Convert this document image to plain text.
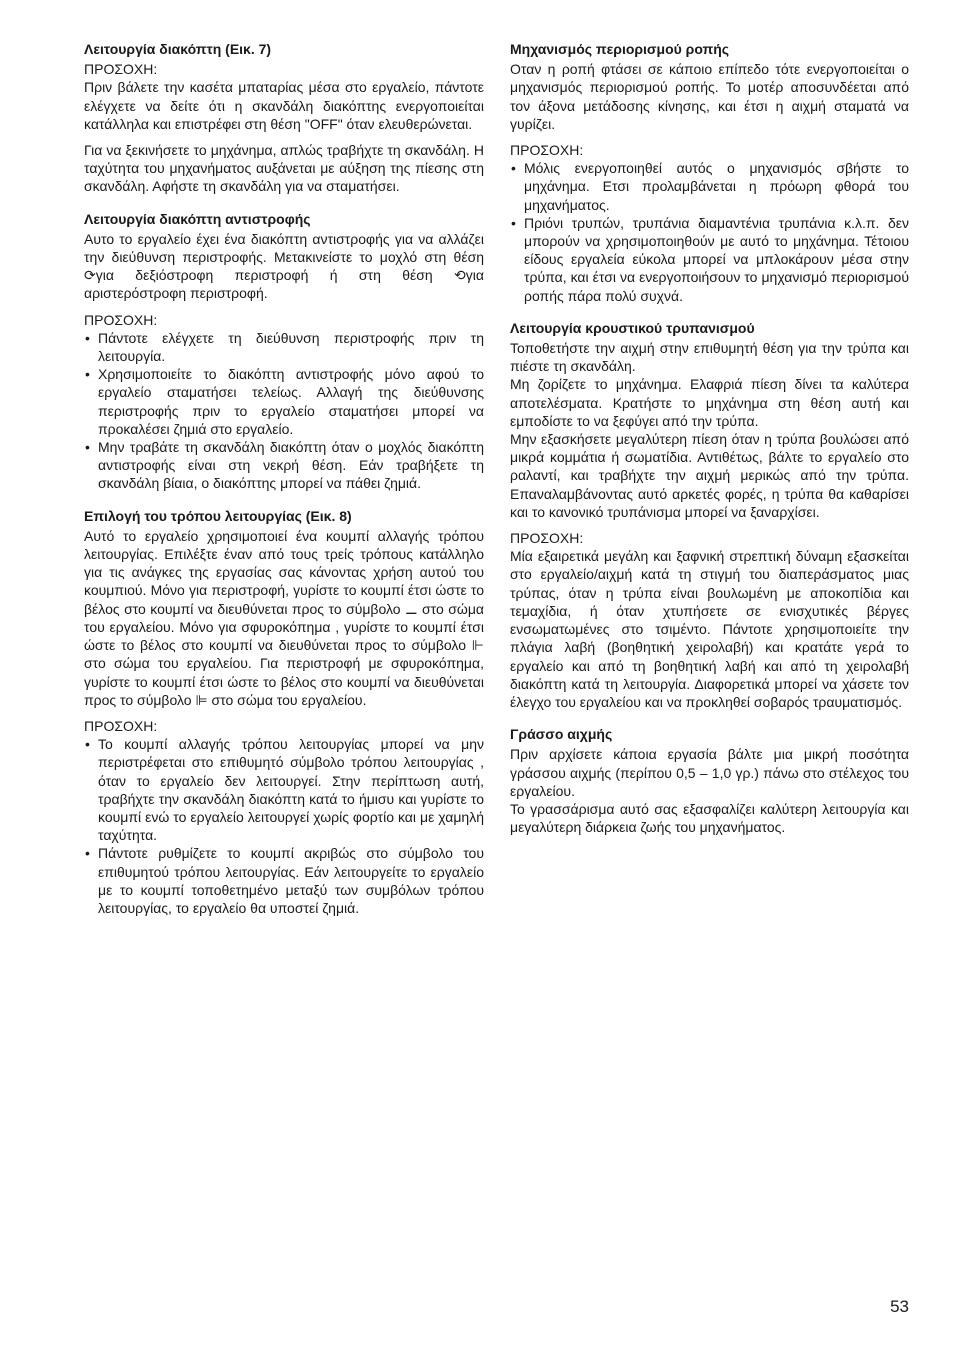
Λειτουργία διακόπτη (Εικ. 7)

ΠΡΟΣΟΧΗ:

Πριν βάλετε την κασέτα μπαταρίας μέσα στο εργαλείο, πάντοτε ελέγχετε να δείτε ότι η σκανδάλη διακόπτης ενεργοποιείται κατάλληλα και επιστρέφει στη θέση "OFF" όταν ελευθερώνεται.

Για να ξεκινήσετε το μηχάνημα, απλώς τραβήχτε τη σκανδάλη. Η ταχύτητα του μηχανήματος αυξάνεται με αύξηση της πίεσης στη σκανδάλη. Αφήστε τη σκανδάλη για να σταματήσει.

Λειτουργία διακόπτη αντιστροφής

Αυτο το εργαλείο έχει ένα διακόπτη αντιστροφής για να αλλάζει την διεύθυνση περιστροφής. Μετακινείστε το μοχλό στη θέση ⟳για δεξιόστροφη περιστροφή ή στη θέση ⟲για αριστερόστροφη περιστροφή.

ΠΡΟΣΟΧΗ:

• Πάντοτε ελέγχετε τη διεύθυνση περιστροφής πριν τη λειτουργία.
• Χρησιμοποιείτε το διακόπτη αντιστροφής μόνο αφού το εργαλείο σταματήσει τελείως. Αλλαγή της διεύθυνσης περιστροφής πριν το εργαλείο σταματήσει μπορεί να προκαλέσει ζημιά στο εργαλείο.
• Μην τραβάτε τη σκανδάλη διακόπτη όταν ο μοχλός διακόπτη αντιστροφής είναι στη νεκρή θέση. Εάν τραβήξετε τη σκανδάλη βίαια, ο διακόπτης μπορεί να πάθει ζημιά.

Επιλογή του τρόπου λειτουργίας (Εικ. 8)

Αυτό το εργαλείο χρησιμοποιεί ένα κουμπί αλλαγής τρόπου λειτουργίας. Επιλέξτε έναν από τους τρείς τρόπους κατάλληλο για τις ανάγκες της εργασίας σας κάνοντας χρήση αυτού του κουμπιού. Μόνο για περιστροφή, γυρίστε το κουμπί έτσι ώστε το βέλος στο κουμπί να διευθύνεται προς το σύμβολο ⚊ στο σώμα του εργαλείου. Μόνο για σφυροκόπημα , γυρίστε το κουμπί έτσι ώστε το βέλος στο κουμπί να διευθύνεται προς το σύμβολο ⊩ στο σώμα του εργαλείου. Για περιστροφή με σφυροκόπημα, γυρίστε το κουμπί έτσι ώστε το βέλος στο κουμπί να διευθύνεται προς το σύμβολο ⊫ στο σώμα του εργαλείου.

ΠΡΟΣΟΧΗ:

• Το κουμπί αλλαγής τρόπου λειτουργίας μπορεί να μην περιστρέφεται στο επιθυμητό σύμβολο τρόπου λειτουργίας , όταν το εργαλείο δεν λειτουργεί. Στην περίπτωση αυτή, τραβήχτε την σκανδάλη διακόπτη κατά το ήμισυ και γυρίστε το κουμπί ενώ το εργαλείο λειτουργεί χωρίς φορτίο και με χαμηλή ταχύτητα.
• Πάντοτε ρυθμίζετε το κουμπί ακριβώς στο σύμβολο του επιθυμητού τρόπου λειτουργίας. Εάν λειτουργείτε το εργαλείο με το κουμπί τοποθετημένο μεταξύ των συμβόλων τρόπου λειτουργίας, το εργαλείο θα υποστεί ζημιά.

Μηχανισμός περιορισμού ροπής

Οταν η ροπή φτάσει σε κάποιο επίπεδο τότε ενεργοποιείται ο μηχανισμός περιορισμού ροπής. Το μοτέρ αποσυνδέεται από τον άξονα μετάδοσης κίνησης, και έτσι η αιχμή σταματά να γυρίζει.

ΠΡΟΣΟΧΗ:

• Μόλις ενεργοποιηθεί αυτός ο μηχανισμός σβήστε το μηχάνημα. Ετσι προλαμβάνεται η πρόωρη φθορά του μηχανήματος.
• Πριόνι τρυπών, τρυπάνια διαμαντένια τρυπάνια κ.λ.π. δεν μπορούν να χρησιμοποιηθούν με αυτό το μηχάνημα. Τέτοιου είδους εργαλεία εύκολα μπορεί να μπλοκάρουν μέσα στην τρύπα, και έτσι να ενεργοποιήσουν το μηχανισμό περιορισμού ροπής πάρα πολύ συχνά.

Λειτουργία κρουστικού τρυπανισμού

Τοποθετήστε την αιχμή στην επιθυμητή θέση για την τρύπα και πιέστε τη σκανδάλη.
Μη ζορίζετε το μηχάνημα. Ελαφριά πίεση δίνει τα καλύτερα αποτελέσματα. Κρατήστε το μηχάνημα στη θέση αυτή και εμποδίστε το να ξεφύγει από την τρύπα.
Μην εξασκήσετε μεγαλύτερη πίεση όταν η τρύπα βουλώσει από μικρά κομμάτια ή σωματίδια. Αντιθέτως, βάλτε το εργαλείο στο ραλαντί, και τραβήχτε την αιχμή μερικώς από την τρύπα. Επαναλαμβάνοντας αυτό αρκετές φορές, η τρύπα θα καθαρίσει και το κανονικό τρυπάνισμα μπορεί να ξαναρχίσει.

ΠΡΟΣΟΧΗ:

Μία εξαιρετικά μεγάλη και ξαφνική στρεπτική δύναμη εξασκείται στο εργαλείο/αιχμή κατά τη στιγμή του διαπεράσματος μιας τρύπας, όταν η τρύπα είναι βουλωμένη με αποκοπίδια και τεμαχίδια, ή όταν χτυπήσετε σε ενισχυτικές βέργες ενσωματωμένες στο τσιμέντο. Πάντοτε χρησιμοποιείτε την πλάγια λαβή (βοηθητική χειρολαβή) και κρατάτε γερά το εργαλείο και από τη βοηθητική λαβή και από τη χειρολαβή διακόπτη κατά τη λειτουργία. Διαφορετικά μπορεί να χάσετε τον έλεγχο του εργαλείου και να προκληθεί σοβαρός τραυματισμός.

Γράσσο αιχμής

Πριν αρχίσετε κάποια εργασία βάλτε μια μικρή ποσότητα γράσσου αιχμής (περίπου 0,5 – 1,0 γρ.) πάνω στο στέλεχος του εργαλείου.
Το γρασσάρισμα αυτό σας εξασφαλίζει καλύτερη λειτουργία και μεγαλύτερη διάρκεια ζωής του μηχανήματος.

53
